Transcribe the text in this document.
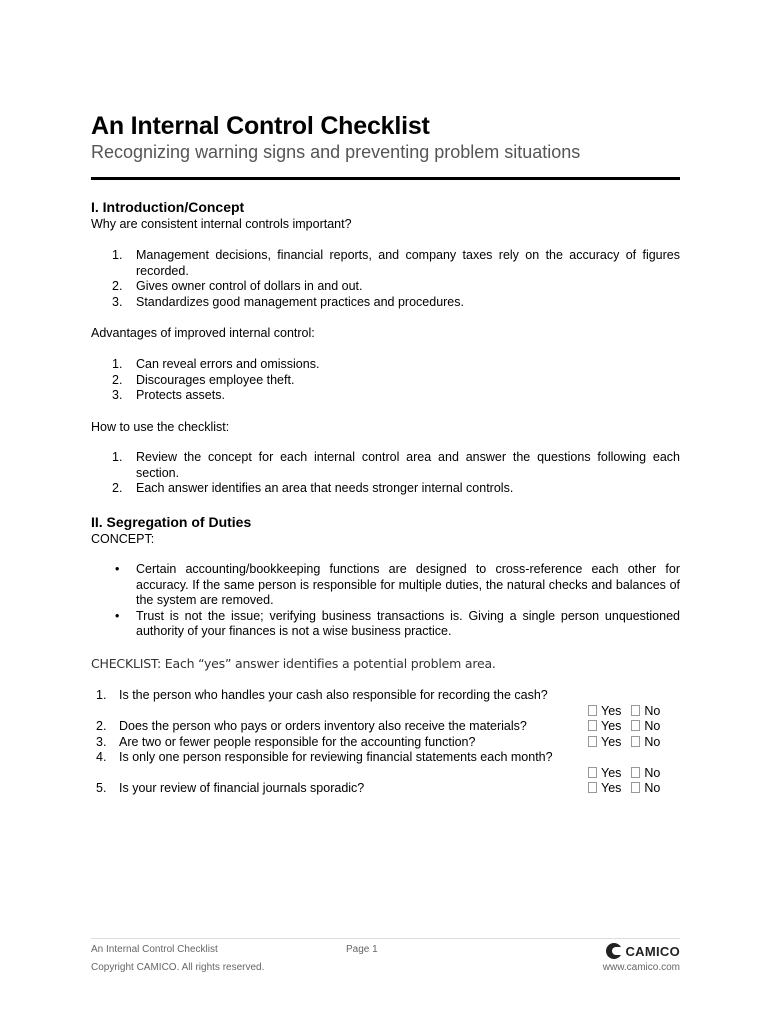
An Internal Control Checklist
Recognizing warning signs and preventing problem situations
I. Introduction/Concept
Why are consistent internal controls important?
1. Management decisions, financial reports, and company taxes rely on the accuracy of figures recorded.
2. Gives owner control of dollars in and out.
3. Standardizes good management practices and procedures.
Advantages of improved internal control:
1. Can reveal errors and omissions.
2. Discourages employee theft.
3. Protects assets.
How to use the checklist:
1. Review the concept for each internal control area and answer the questions following each section.
2. Each answer identifies an area that needs stronger internal controls.
II. Segregation of Duties
CONCEPT:
• Certain accounting/bookkeeping functions are designed to cross-reference each other for accuracy. If the same person is responsible for multiple duties, the natural checks and balances of the system are removed.
• Trust is not the issue; verifying business transactions is. Giving a single person unquestioned authority of your finances is not a wise business practice.
CHECKLIST: Each “yes” answer identifies a potential problem area.
1. Is the person who handles your cash also responsible for recording the cash?
Yes No
2. Does the person who pays or orders inventory also receive the materials?	Yes No
3. Are two or fewer people responsible for the accounting function?	Yes No
4. Is only one person responsible for reviewing financial statements each month?
Yes No
5. Is your review of financial journals sporadic?	Yes No
An Internal Control Checklist	Page 1	CAMICO
Copyright CAMICO. All rights reserved.	www.camico.com
